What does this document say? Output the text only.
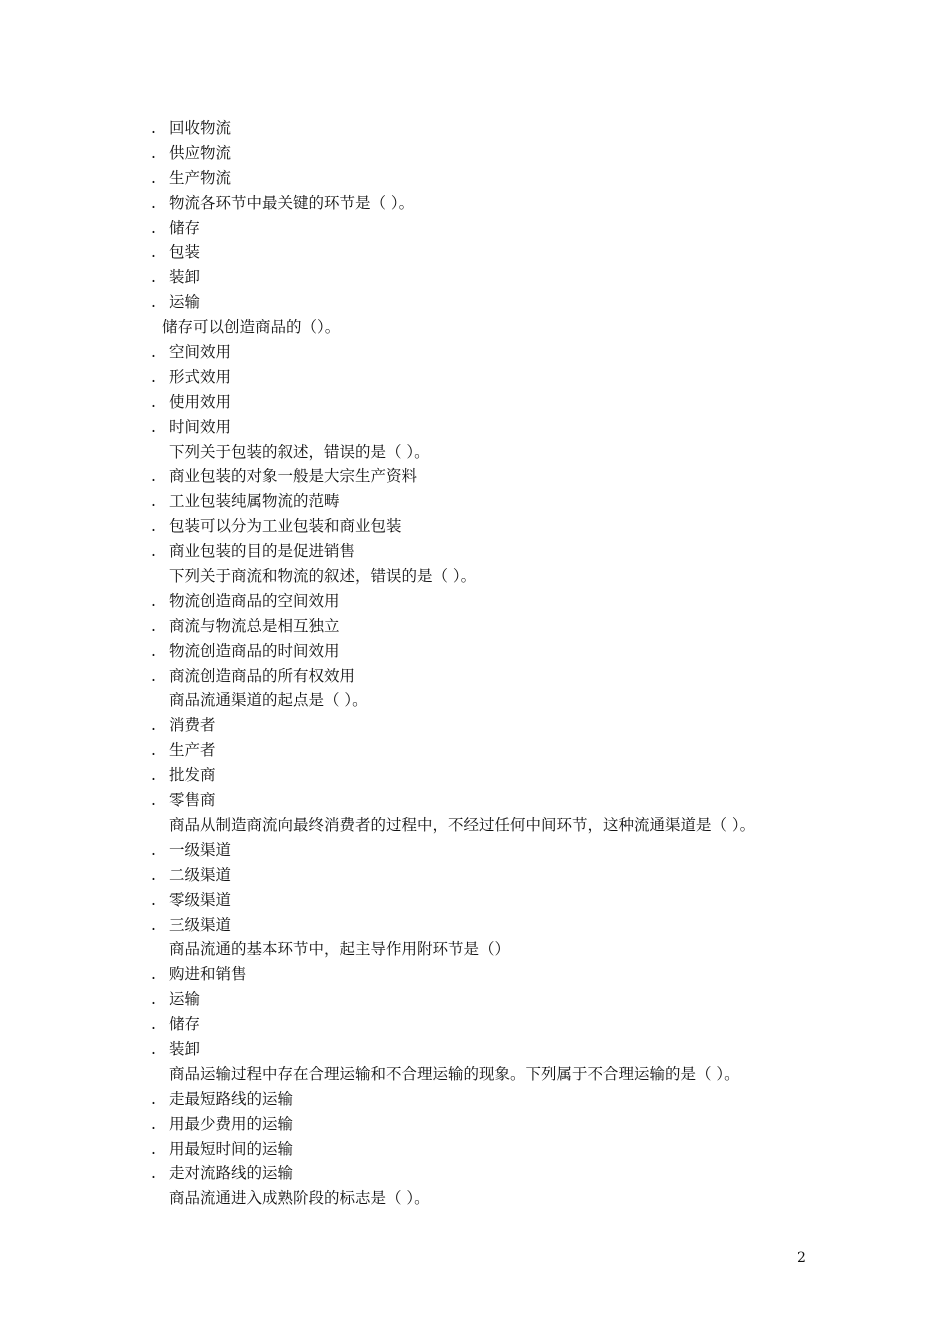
. 回收物流
. 供应物流
. 生产物流
. 物流各环节中最关键的环节是（ ）。
. 储存
. 包装
. 装卸
. 运输
储存可以创造商品的（）。
. 空间效用
. 形式效用
. 使用效用
. 时间效用
下列关于包装的叙述，错误的是（ ）。
. 商业包装的对象一般是大宗生产资料
. 工业包装纯属物流的范畴
. 包装可以分为工业包装和商业包装
. 商业包装的目的是促进销售
下列关于商流和物流的叙述，错误的是（ ）。
. 物流创造商品的空间效用
. 商流与物流总是相互独立
. 物流创造商品的时间效用
. 商流创造商品的所有权效用
商品流通渠道的起点是（ ）。
. 消费者
. 生产者
. 批发商
. 零售商
商品从制造商流向最终消费者的过程中，不经过任何中间环节，这种流通渠道是（ ）。
. 一级渠道
. 二级渠道
. 零级渠道
. 三级渠道
商品流通的基本环节中，起主导作用附环节是（）
. 购进和销售
. 运输
. 储存
. 装卸
商品运输过程中存在合理运输和不合理运输的现象。下列属于不合理运输的是（ ）。
. 走最短路线的运输
. 用最少费用的运输
. 用最短时间的运输
. 走对流路线的运输
商品流通进入成熟阶段的标志是（ ）。
2
